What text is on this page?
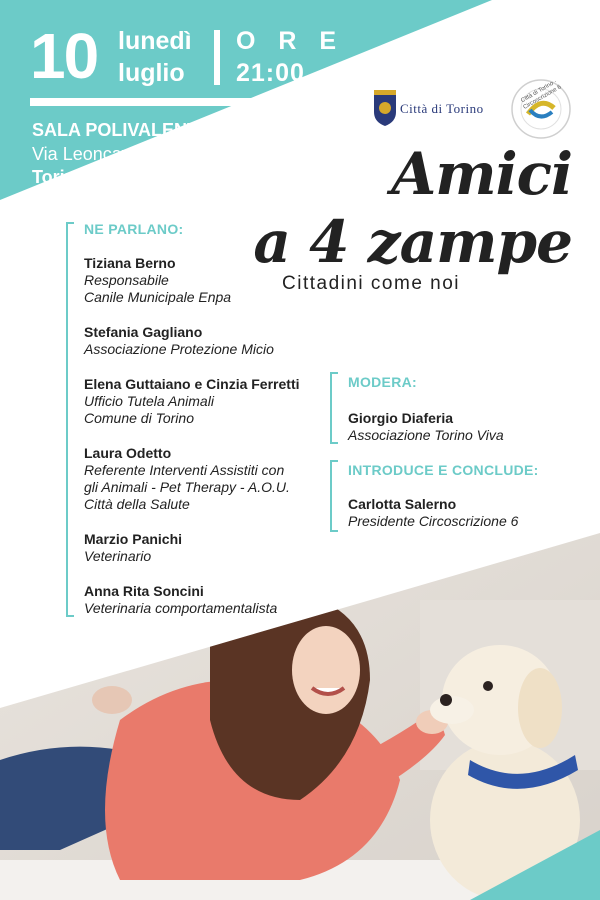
10 lunedì
luglio
O R E
21:00
SALA POLIVALENTE
Via Leoncavallo, n. 23
Torino
Città di Torino
Città di Torino · Circoscrizione 6
Amici
a 4 zampe
Cittadini come noi
NE PARLANO:
Tiziana Berno
Responsabile
Canile Municipale Enpa
Stefania Gagliano
Associazione Protezione Micio
Elena Guttaiano e Cinzia Ferretti
Ufficio Tutela Animali
Comune di Torino
Laura Odetto
Referente Interventi Assistiti con
gli Animali - Pet Therapy - A.O.U.
Città della Salute
Marzio Panichi
Veterinario
Anna Rita Soncini
Veterinaria comportamentalista
MODERA:
Giorgio Diaferia
Associazione Torino Viva
INTRODUCE E CONCLUDE:
Carlotta Salerno
Presidente Circoscrizione 6
